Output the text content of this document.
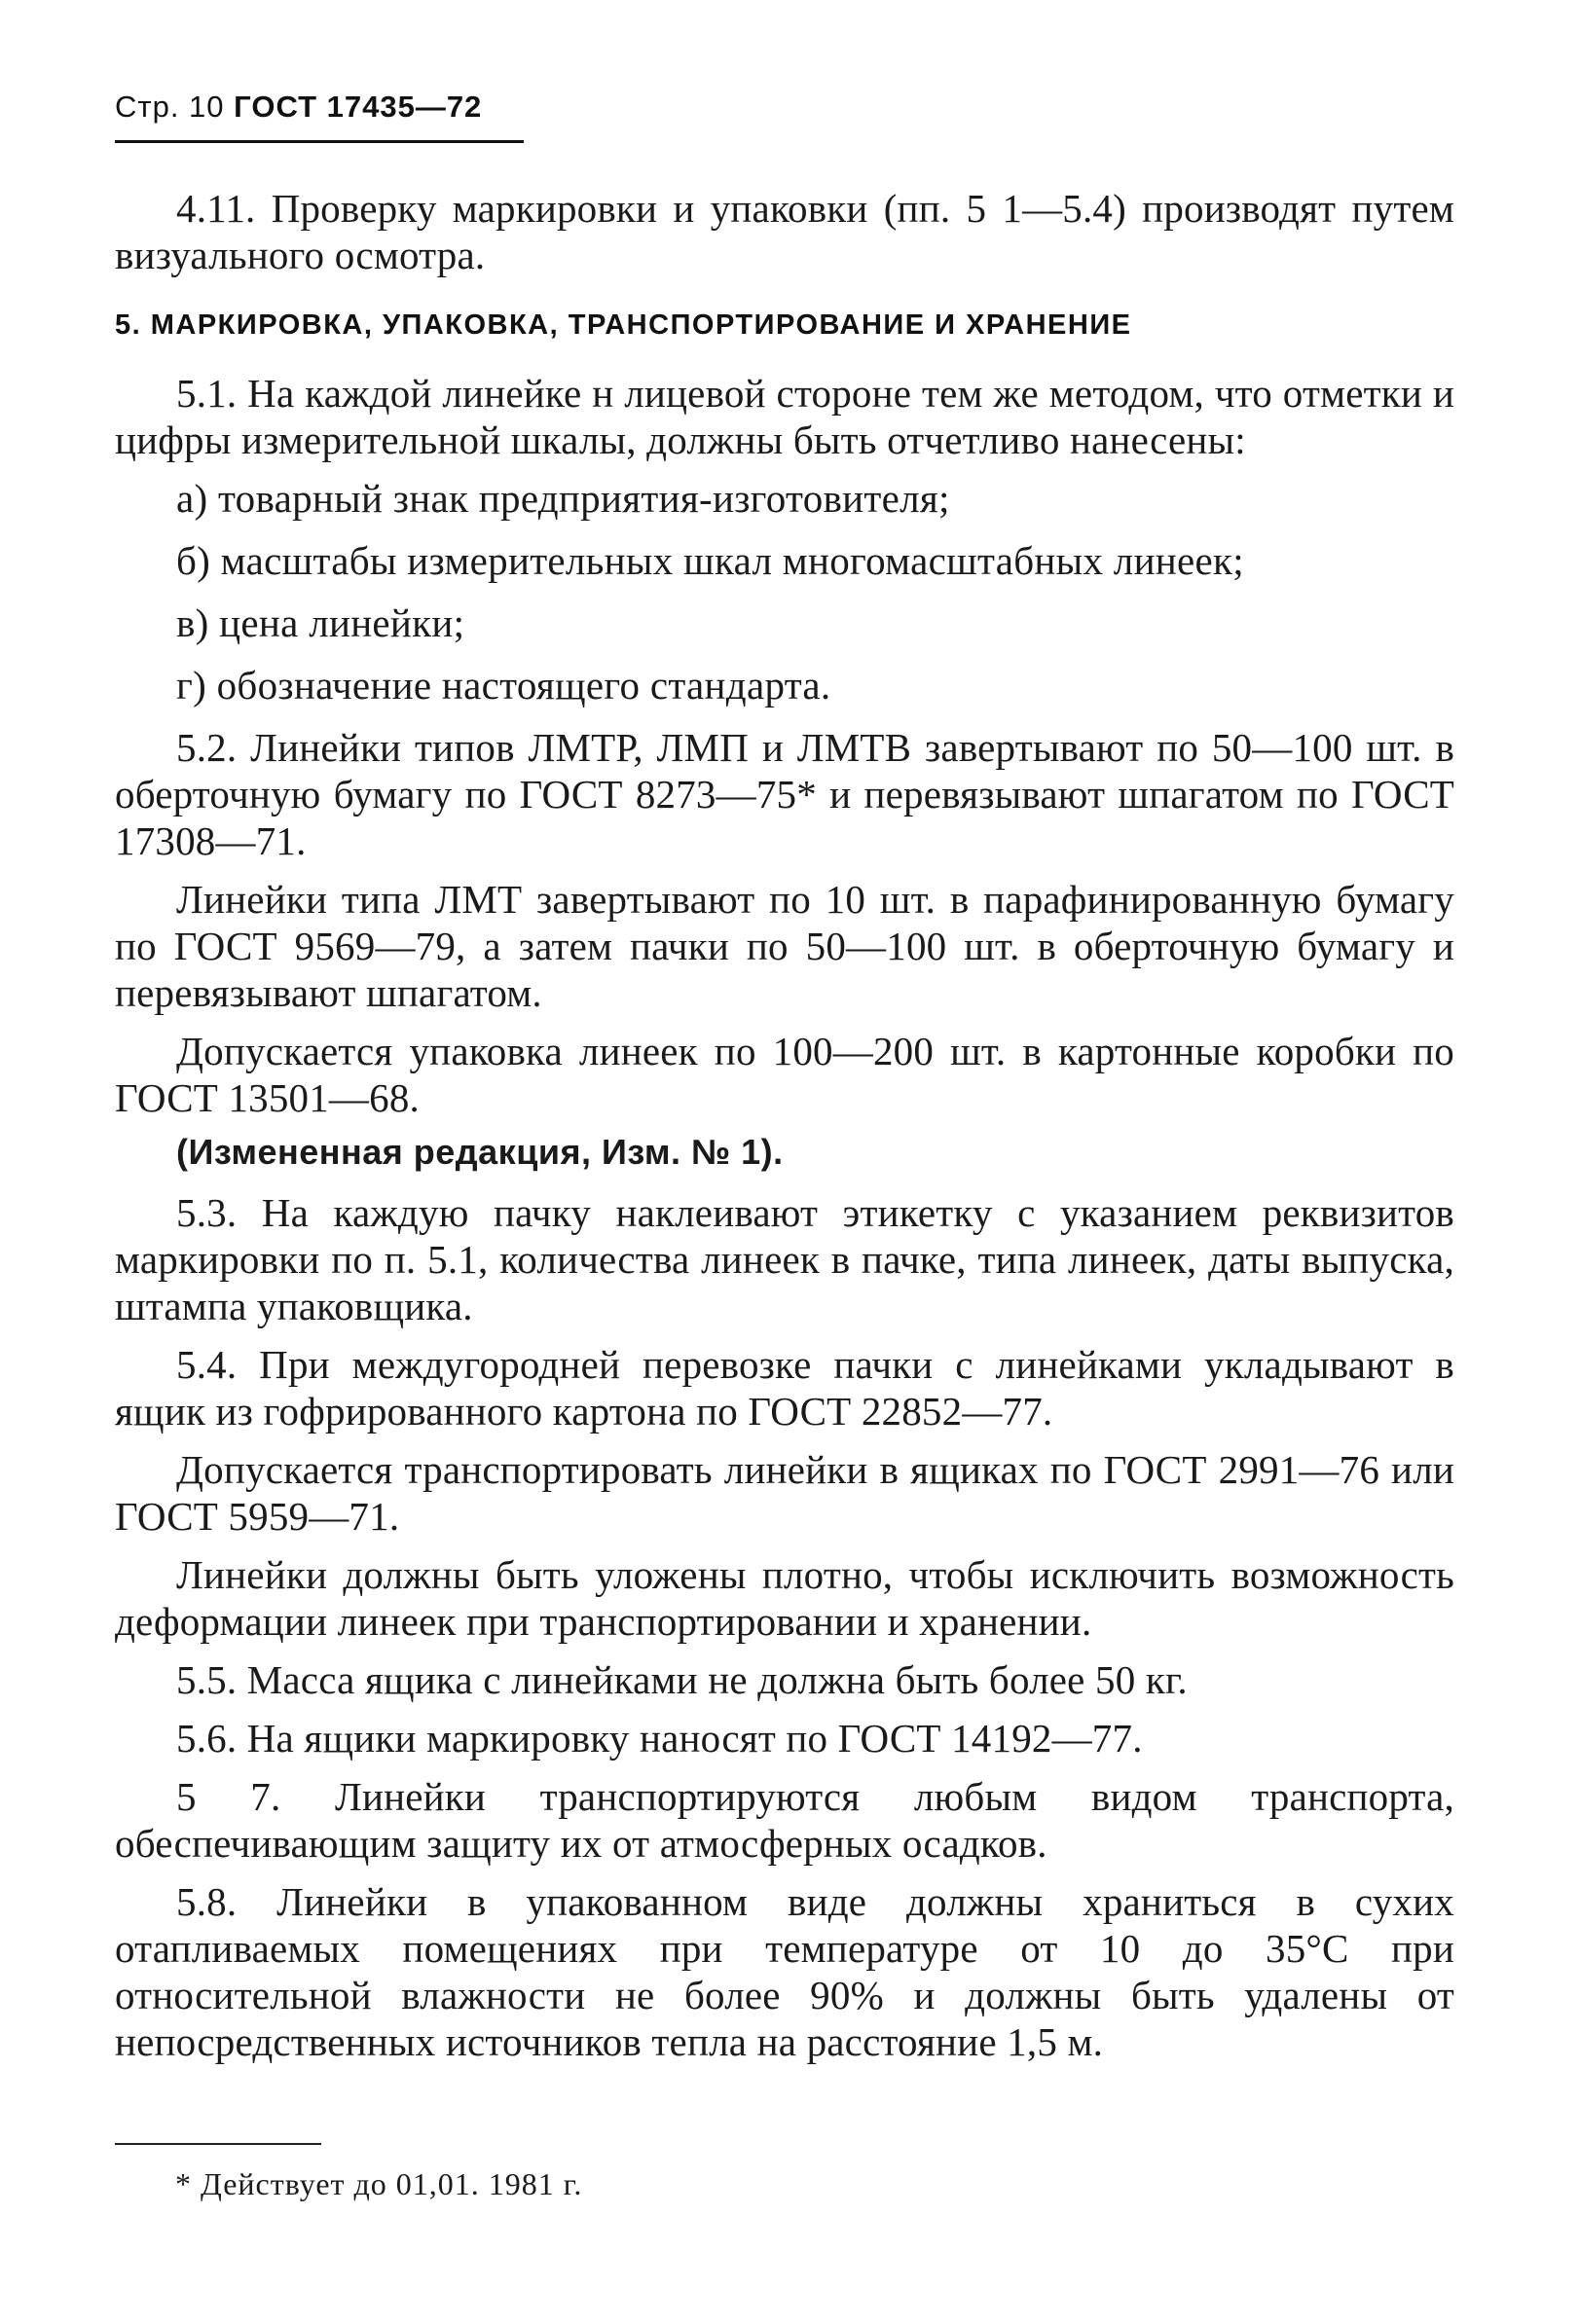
Стр. 10 ГОСТ 17435—72

4.11. Проверку маркировки и упаковки (пп. 5 1—5.4) производят путем визуального осмотра.

5. МАРКИРОВКА, УПАКОВКА, ТРАНСПОРТИРОВАНИЕ И ХРАНЕНИЕ

5.1. На каждой линейке н лицевой стороне тем же методом, что отметки и цифры измерительной шкалы, должны быть отчетливо нанесены:

а) товарный знак предприятия-изготовителя;

б) масштабы измерительных шкал многомасштабных линеек;

в) цена линейки;

г) обозначение настоящего стандарта.

5.2. Линейки типов ЛМТР, ЛМП и ЛМТВ завертывают по 50—100 шт. в оберточную бумагу по ГОСТ 8273—75* и перевязывают шпагатом по ГОСТ 17308—71.

Линейки типа ЛМТ завертывают по 10 шт. в парафинированную бумагу по ГОСТ 9569—79, а затем пачки по 50—100 шт. в оберточную бумагу и перевязывают шпагатом.

Допускается упаковка линеек по 100—200 шт. в картонные коробки по ГОСТ 13501—68.

(Измененная редакция, Изм. № 1).

5.3. На каждую пачку наклеивают этикетку с указанием реквизитов маркировки по п. 5.1, количества линеек в пачке, типа линеек, даты выпуска, штампа упаковщика.

5.4. При междугородней перевозке пачки с линейками укладывают в ящик из гофрированного картона по ГОСТ 22852—77.

Допускается транспортировать линейки в ящиках по ГОСТ 2991—76 или ГОСТ 5959—71.

Линейки должны быть уложены плотно, чтобы исключить возможность деформации линеек при транспортировании и хранении.

5.5. Масса ящика с линейками не должна быть более 50 кг.

5.6. На ящики маркировку наносят по ГОСТ 14192—77.

5 7. Линейки транспортируются любым видом транспорта, обеспечивающим защиту их от атмосферных осадков.

5.8. Линейки в упакованном виде должны храниться в сухих отапливаемых помещениях при температуре от 10 до 35°С при относительной влажности не более 90% и должны быть удалены от непосредственных источников тепла на расстояние 1,5 м.

* Действует до 01,01. 1981 г.
